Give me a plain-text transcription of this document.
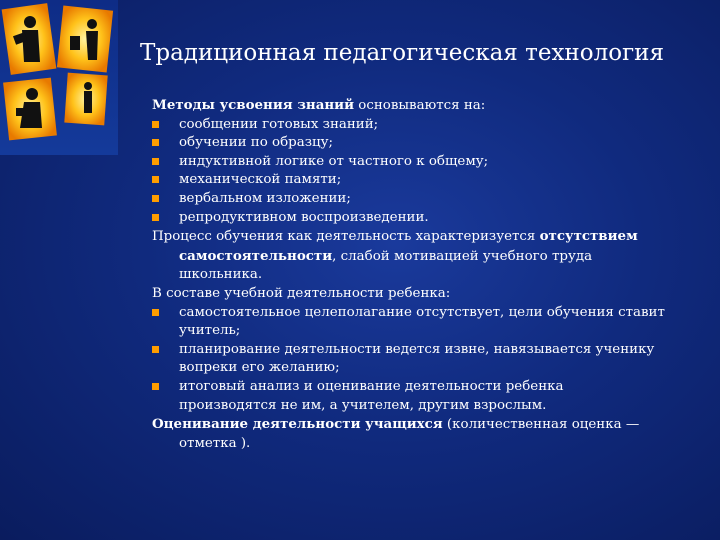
Традиционная педагогическая технология
Методы усвоения знаний основываются на:
сообщении готовых знаний;
обучении по образцу;
индуктивной логике от частного к общему;
механической памяти;
вербальном изложении;
репродуктивном воспроизведении.
Процесс обучения как деятельность характеризуется отсутствием
самостоятельности, слабой мотивацией учебного труда
школьника.
В составе учебной деятельности ребенка:
самостоятельное целеполагание отсутствует, цели обучения ставит
учитель;
планирование деятельности ведется извне, навязывается ученику
вопреки его желанию;
итоговый анализ и оценивание деятельности ребенка
производятся не им, а учителем, другим взрослым.
Оценивание деятельности учащихся (количественная оценка —
отметка ).
